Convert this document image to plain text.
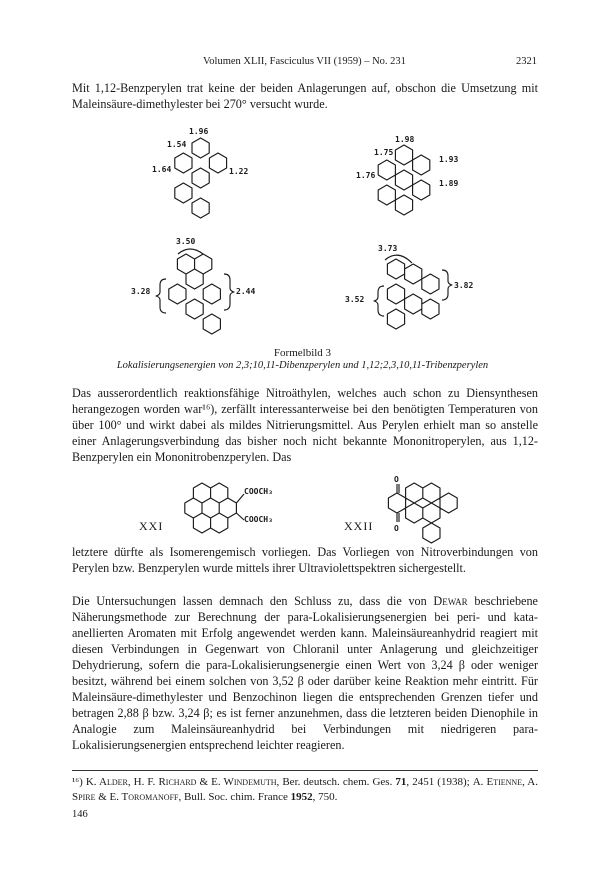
Volumen XLII, Fasciculus VII (1959) – No. 231	2321
Mit 1,12-Benzperylen trat keine der beiden Anlagerungen auf, obschon die Umsetzung mit Maleinsäure-dimethylester bei 270° versucht wurde.
1.96
1.54
1.64	1.22
1.98
1.75
1.76
1.93
1.89
3.50
3.28	2.44
3.73
3.82
3.52
COOCH₃
COOCH₃
O
O
Formelbild 3
Lokalisierungsenergien von 2,3;10,11-Dibenzperylen und 1,12;2,3,10,11-Tribenzperylen
Das ausserordentlich reaktionsfähige Nitroäthylen, welches auch schon zu Diensynthesen herangezogen worden war¹⁶), zerfällt interessanterweise bei den benötigten Temperaturen von über 100° und wirkt dabei als mildes Nitrierungsmittel. Aus Perylen erhielt man so anstelle einer Anlagerungsverbindung das bisher noch nicht bekannte Mononitroperylen, aus 1,12-Benzperylen ein Mononitrobenzperylen. Das
XXI	XXII
letztere dürfte als Isomerengemisch vorliegen. Das Vorliegen von Nitroverbindungen von Perylen bzw. Benzperylen wurde mittels ihrer Ultraviolettspektren sichergestellt.
Die Untersuchungen lassen demnach den Schluss zu, dass die von Dewar beschriebene Näherungsmethode zur Berechnung der para-Lokalisierungsenergien bei peri- und kata-anellierten Aromaten mit Erfolg angewendet werden kann. Maleinsäureanhydrid reagiert mit diesen Verbindungen in Gegenwart von Chloranil unter Anlagerung und gleichzeitiger Dehydrierung, sofern die para-Lokalisierungsenergie einen Wert von 3,24 β oder weniger besitzt, während bei einem solchen von 3,52 β oder darüber keine Reaktion mehr eintritt. Für Maleinsäure-dimethylester und Benzochinon liegen die entsprechenden Grenzen tiefer und betragen 2,88 β bzw. 3,24 β; es ist ferner anzunehmen, dass die letzteren beiden Dienophile in Analogie zum Maleinsäureanhydrid bei Verbindungen mit niedrigeren para-Lokalisierungsenergien entsprechend leichter reagieren.
¹⁶) K. Alder, H. F. Richard & E. Windemuth, Ber. deutsch. chem. Ges. 71, 2451 (1938); A. Etienne, A. Spire & E. Toromanoff, Bull. Soc. chim. France 1952, 750.
146
